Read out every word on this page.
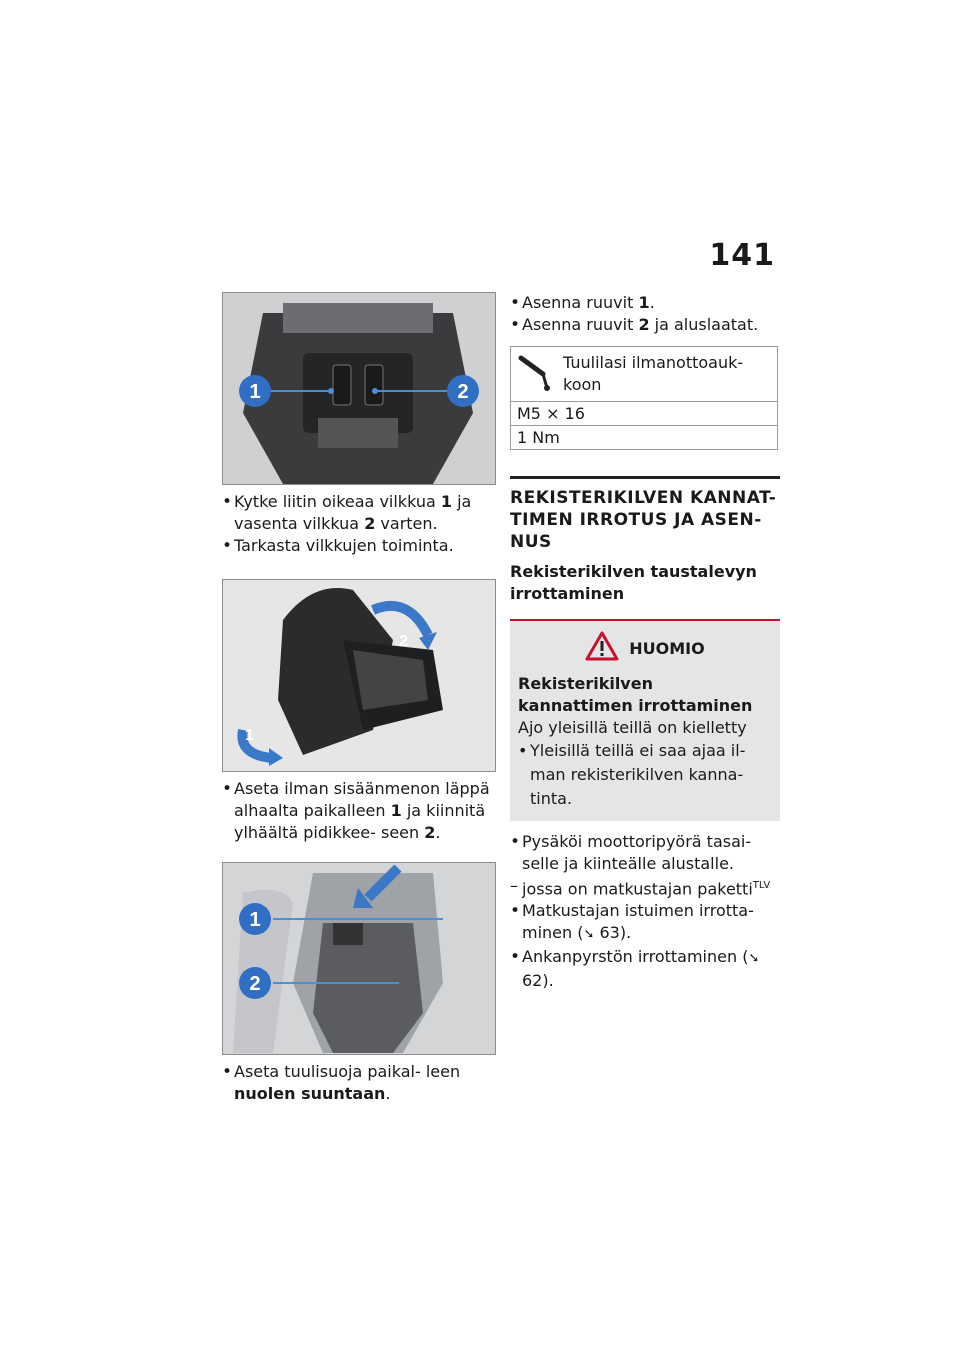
141
1	2
• Kytke liitin oikeaa vilkkua 1 ja vasenta vilkkua 2 varten.
• Tarkasta vilkkujen toiminta.
1
2
• Aseta ilman sisäänmenon läppä alhaalta paikalleen 1 ja kiinnitä ylhäältä pidikkee- seen 2.
1
2
• Aseta tuulisuoja paikal- leen nuolen suuntaan.
• Asenna ruuvit 1.
• Asenna ruuvit 2 ja aluslaatat.
Tuulilasi ilmanottoauk- koon

M5 × 16
1 Nm
REKISTERIKILVEN KANNAT- TIMEN IRROTUS JA ASEN- NUS
Rekisterikilven taustalevyn irrottaminen
HUOMIO
Rekisterikilven kannattimen irrottaminen
Ajo yleisillä teillä on kielletty
• Yleisillä teillä ei saa ajaa il- man rekisterikilven kanna- tinta.
• Pysäköi moottoripyörä tasai- selle ja kiinteälle alustalle.
– jossa on matkustajan paketti$^{TLV}$
• Matkustajan istuimen irrotta- minen (➘ 63).
• Ankanpyrstön irrottaminen (➘ 62).
